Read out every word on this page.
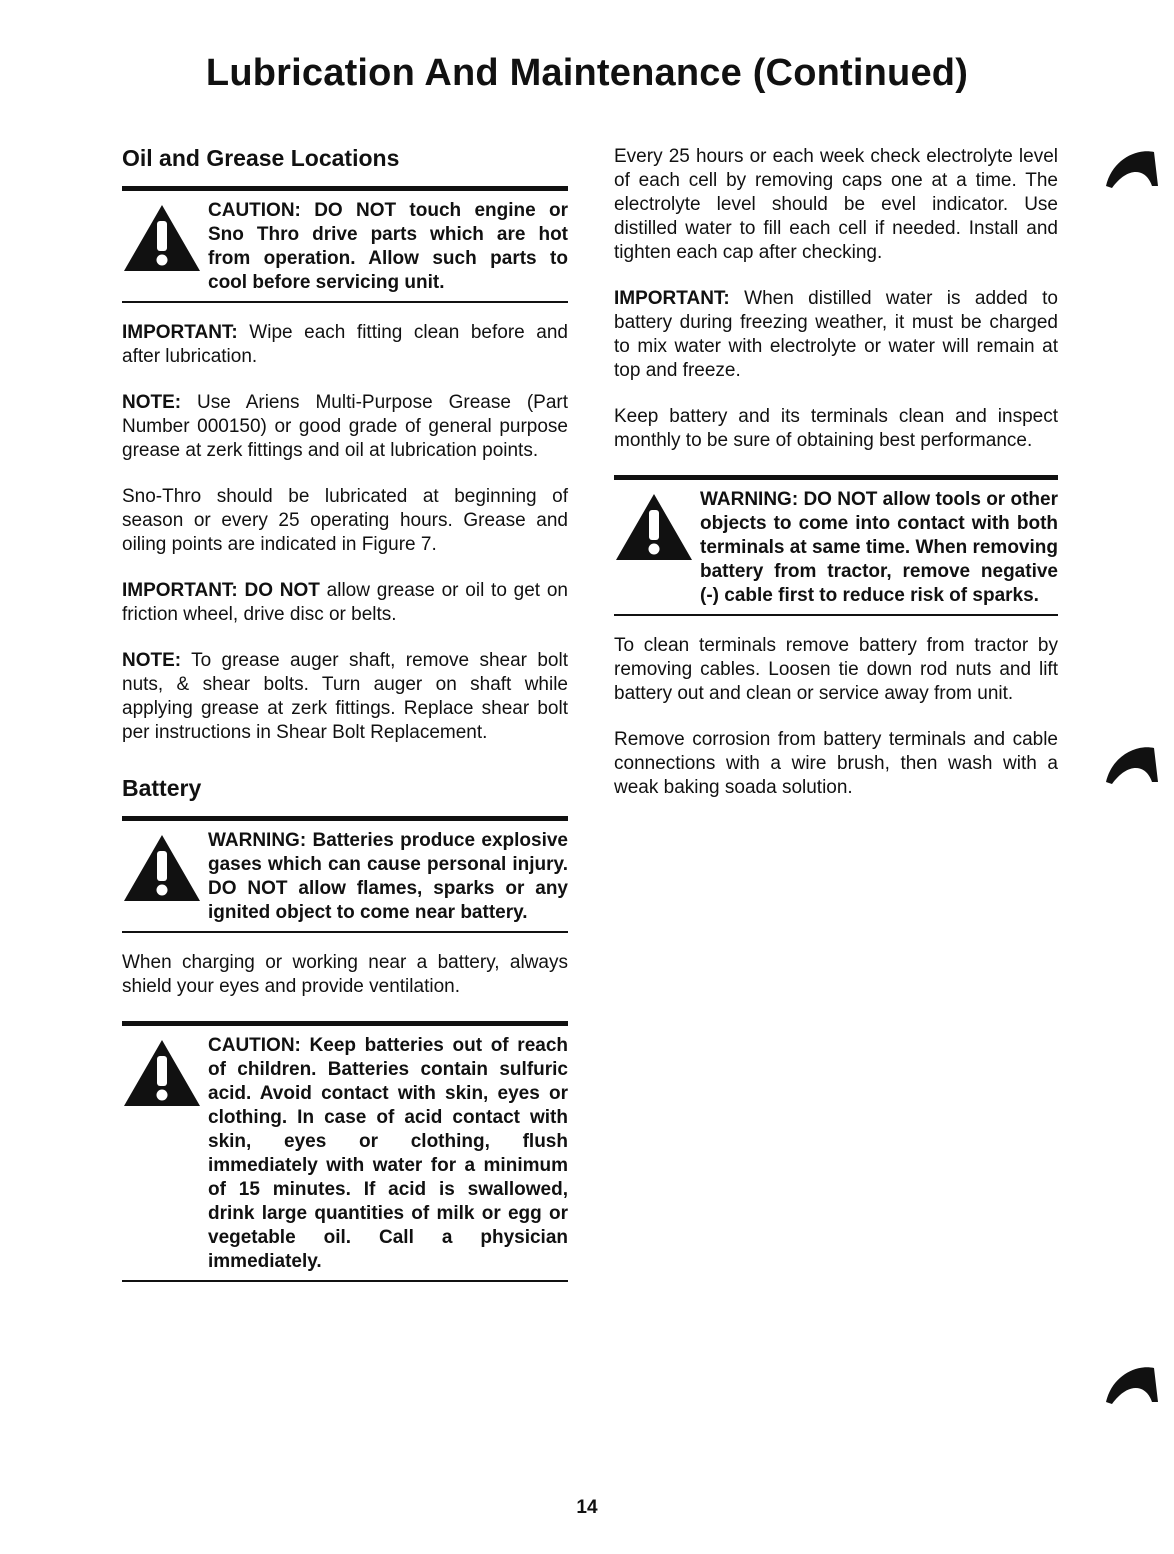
Lubrication And Maintenance (Continued)
Oil and Grease Locations
CAUTION: DO NOT touch engine or Sno Thro drive parts which are hot from operation. Allow such parts to cool before servicing unit.

IMPORTANT: Wipe each fitting clean before and after lubrication.

NOTE: Use Ariens Multi-Purpose Grease (Part Number 000150) or good grade of general purpose grease at zerk fittings and oil at lubrication points.

Sno-Thro should be lubricated at beginning of season or every 25 operating hours. Grease and oiling points are indicated in Figure 7.

IMPORTANT: DO NOT allow grease or oil to get on friction wheel, drive disc or belts.

NOTE: To grease auger shaft, remove shear bolt nuts, & shear bolts. Turn auger on shaft while applying grease at zerk fittings. Replace shear bolt per instructions in Shear Bolt Replacement.

Battery
WARNING: Batteries produce explosive gases which can cause personal injury. DO NOT allow flames, sparks or any ignited object to come near battery.

When charging or working near a battery, always shield your eyes and provide ventilation.

CAUTION: Keep batteries out of reach of children. Batteries contain sulfuric acid. Avoid contact with skin, eyes or clothing. In case of acid contact with skin, eyes or clothing, flush immediately with water for a minimum of 15 minutes. If acid is swallowed, drink large quantities of milk or egg or vegetable oil. Call a physician immediately.

Every 25 hours or each week check electrolyte level of each cell by removing caps one at a time. The electrolyte level should be evel indicator. Use distilled water to fill each cell if needed. Install and tighten each cap after checking.

IMPORTANT: When distilled water is added to battery during freezing weather, it must be charged to mix water with electrolyte or water will remain at top and freeze.

Keep battery and its terminals clean and inspect monthly to be sure of obtaining best performance.

WARNING: DO NOT allow tools or other objects to come into contact with both terminals at same time. When removing battery from tractor, remove negative (-) cable first to reduce risk of sparks.

To clean terminals remove battery from tractor by removing cables. Loosen tie down rod nuts and lift battery out and clean or service away from unit.

Remove corrosion from battery terminals and cable connections with a wire brush, then wash with a weak baking soada solution.

14
